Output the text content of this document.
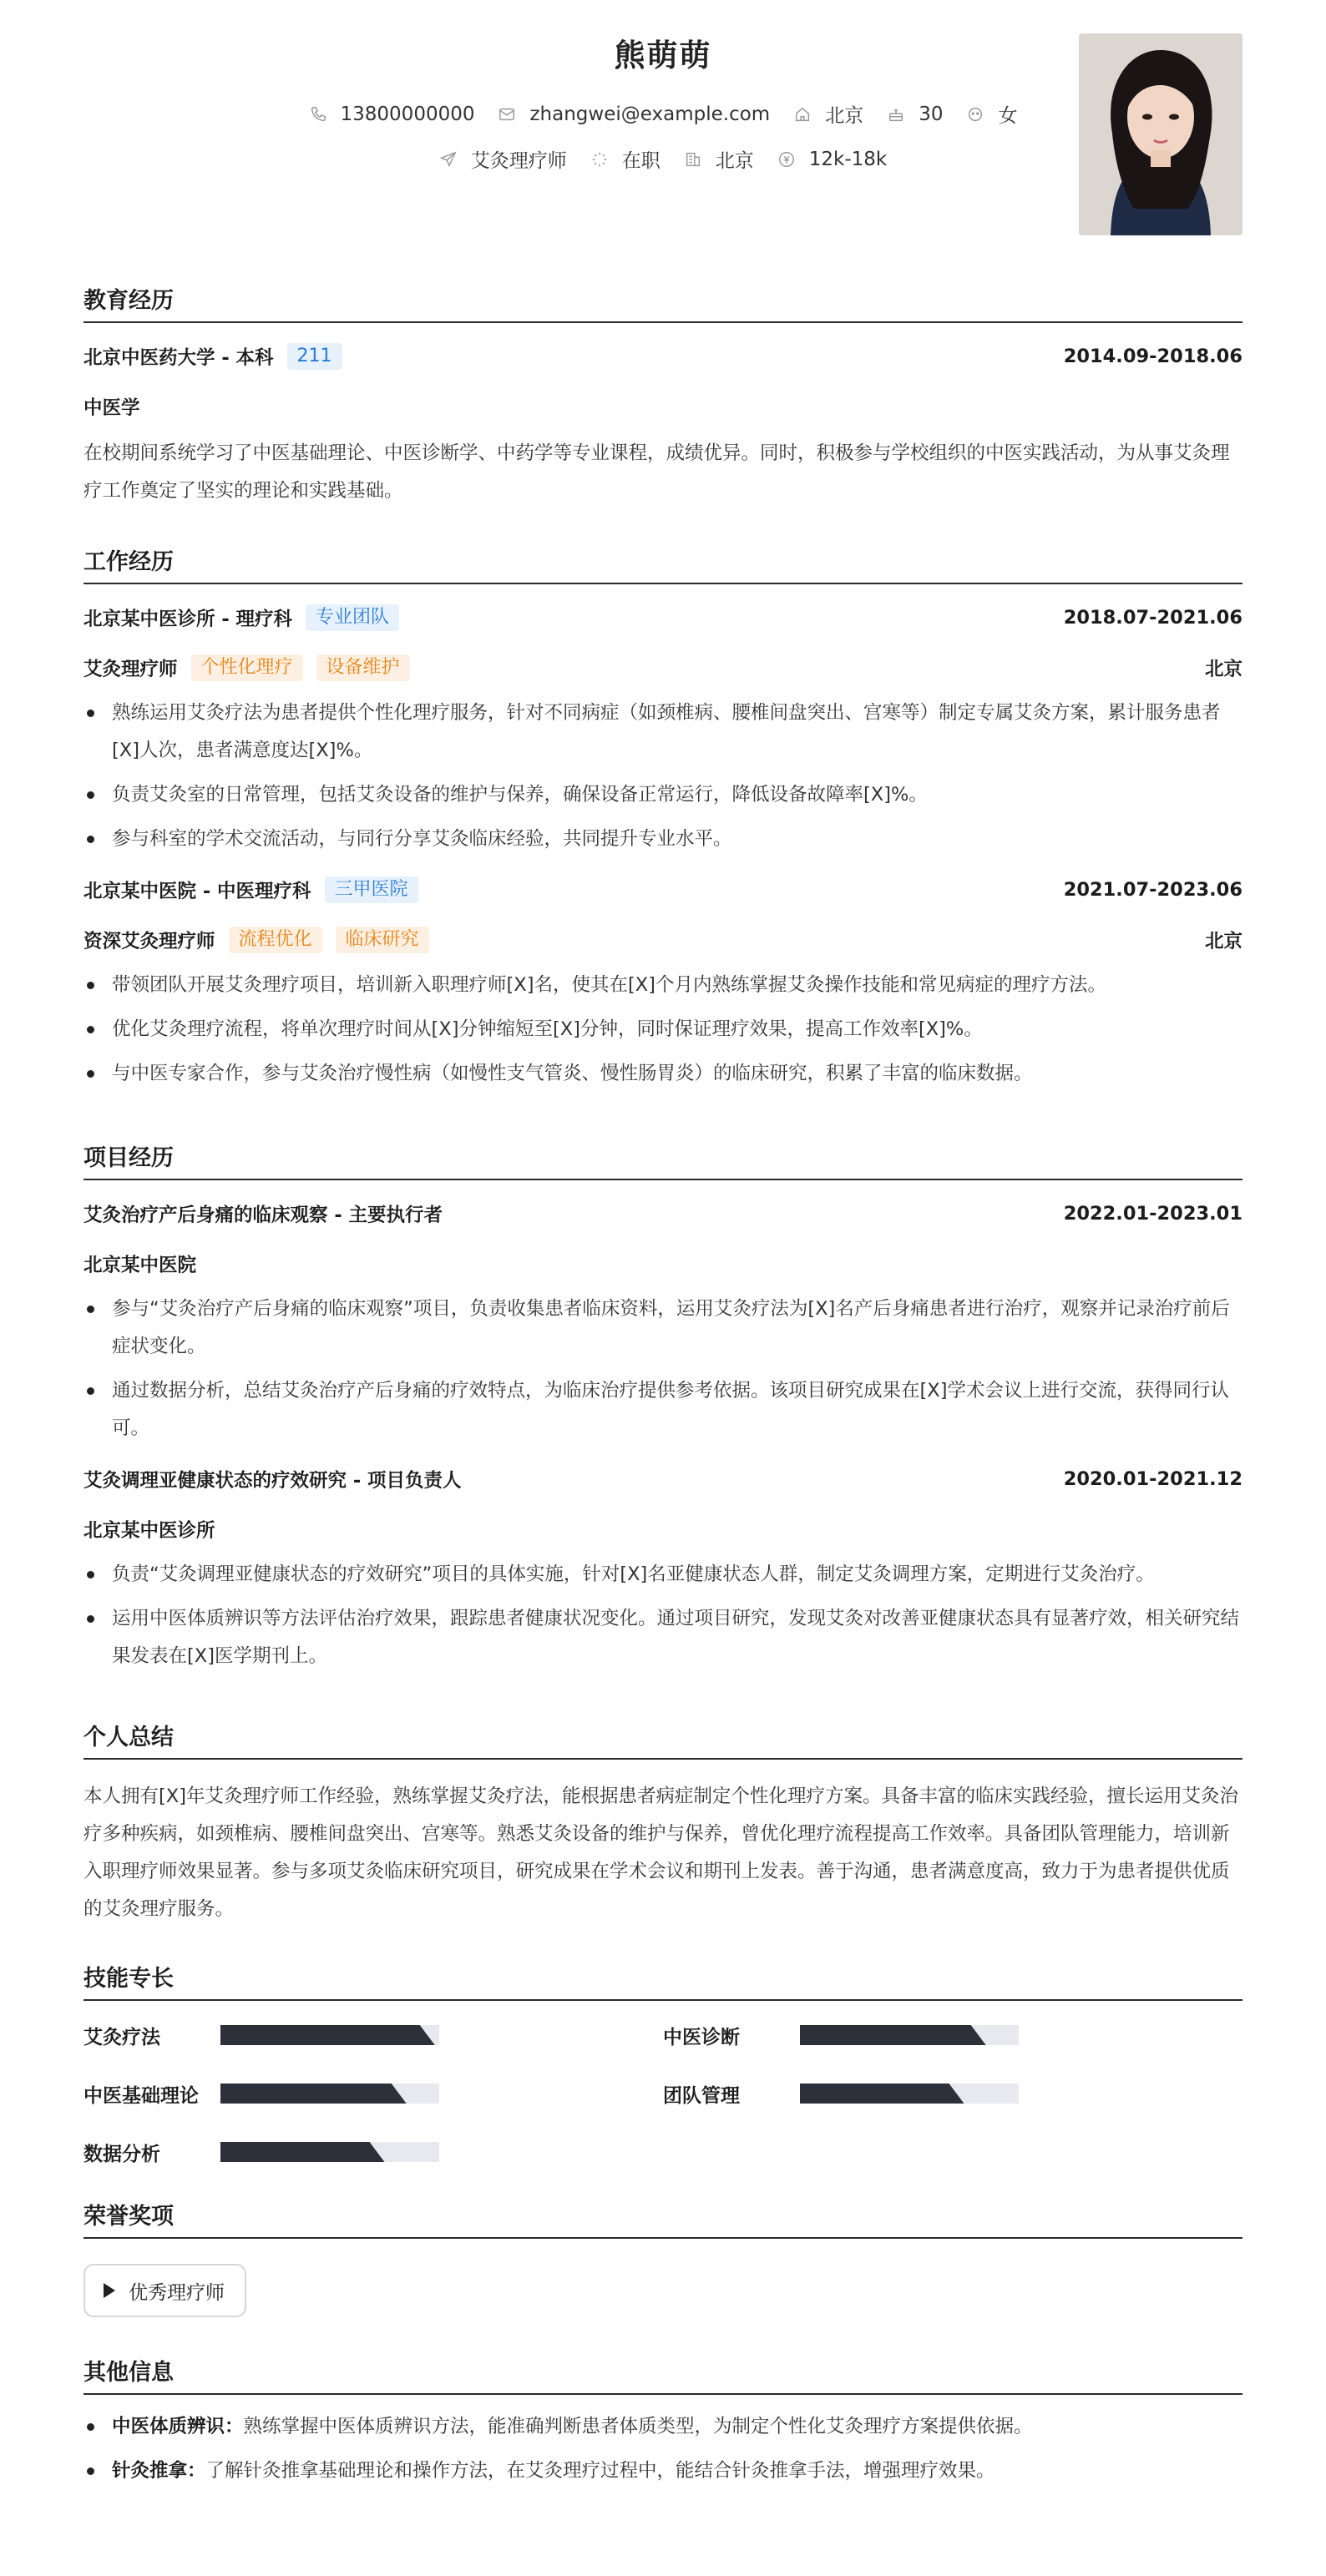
熊萌萌
13800000000	zhangwei@example.com	北京	30	女
艾灸理疗师	在职	北京	12k-18k
教育经历
北京中医药大学 - 本科	211	2014.09-2018.06
中医学
在校期间系统学习了中医基础理论、中医诊断学、中药学等专业课程，成绩优异。同时，积极参与学校组织的中医实践活动，为从事艾灸理疗工作奠定了坚实的理论和实践基础。
工作经历
北京某中医诊所 - 理疗科	专业团队	2018.07-2021.06
艾灸理疗师	个性化理疗	设备维护	北京
熟练运用艾灸疗法为患者提供个性化理疗服务，针对不同病症（如颈椎病、腰椎间盘突出、宫寒等）制定专属艾灸方案，累计服务患者[X]人次，患者满意度达[X]%。
负责艾灸室的日常管理，包括艾灸设备的维护与保养，确保设备正常运行，降低设备故障率[X]%。
参与科室的学术交流活动，与同行分享艾灸临床经验，共同提升专业水平。
北京某中医院 - 中医理疗科	三甲医院	2021.07-2023.06
资深艾灸理疗师	流程优化	临床研究	北京
带领团队开展艾灸理疗项目，培训新入职理疗师[X]名，使其在[X]个月内熟练掌握艾灸操作技能和常见病症的理疗方法。
优化艾灸理疗流程，将单次理疗时间从[X]分钟缩短至[X]分钟，同时保证理疗效果，提高工作效率[X]%。
与中医专家合作，参与艾灸治疗慢性病（如慢性支气管炎、慢性肠胃炎）的临床研究，积累了丰富的临床数据。
项目经历
艾灸治疗产后身痛的临床观察 - 主要执行者	2022.01-2023.01
北京某中医院
参与“艾灸治疗产后身痛的临床观察”项目，负责收集患者临床资料，运用艾灸疗法为[X]名产后身痛患者进行治疗，观察并记录治疗前后症状变化。
通过数据分析，总结艾灸治疗产后身痛的疗效特点，为临床治疗提供参考依据。该项目研究成果在[X]学术会议上进行交流，获得同行认可。
艾灸调理亚健康状态的疗效研究 - 项目负责人	2020.01-2021.12
北京某中医诊所
负责“艾灸调理亚健康状态的疗效研究”项目的具体实施，针对[X]名亚健康状态人群，制定艾灸调理方案，定期进行艾灸治疗。
运用中医体质辨识等方法评估治疗效果，跟踪患者健康状况变化。通过项目研究，发现艾灸对改善亚健康状态具有显著疗效，相关研究结果发表在[X]医学期刊上。
个人总结
本人拥有[X]年艾灸理疗师工作经验，熟练掌握艾灸疗法，能根据患者病症制定个性化理疗方案。具备丰富的临床实践经验，擅长运用艾灸治疗多种疾病，如颈椎病、腰椎间盘突出、宫寒等。熟悉艾灸设备的维护与保养，曾优化理疗流程提高工作效率。具备团队管理能力，培训新入职理疗师效果显著。参与多项艾灸临床研究项目，研究成果在学术会议和期刊上发表。善于沟通，患者满意度高，致力于为患者提供优质的艾灸理疗服务。
技能专长
艾灸疗法	中医诊断
中医基础理论	团队管理
数据分析
荣誉奖项
优秀理疗师
其他信息
中医体质辨识：熟练掌握中医体质辨识方法，能准确判断患者体质类型，为制定个性化艾灸理疗方案提供依据。
针灸推拿：了解针灸推拿基础理论和操作方法，在艾灸理疗过程中，能结合针灸推拿手法，增强理疗效果。
